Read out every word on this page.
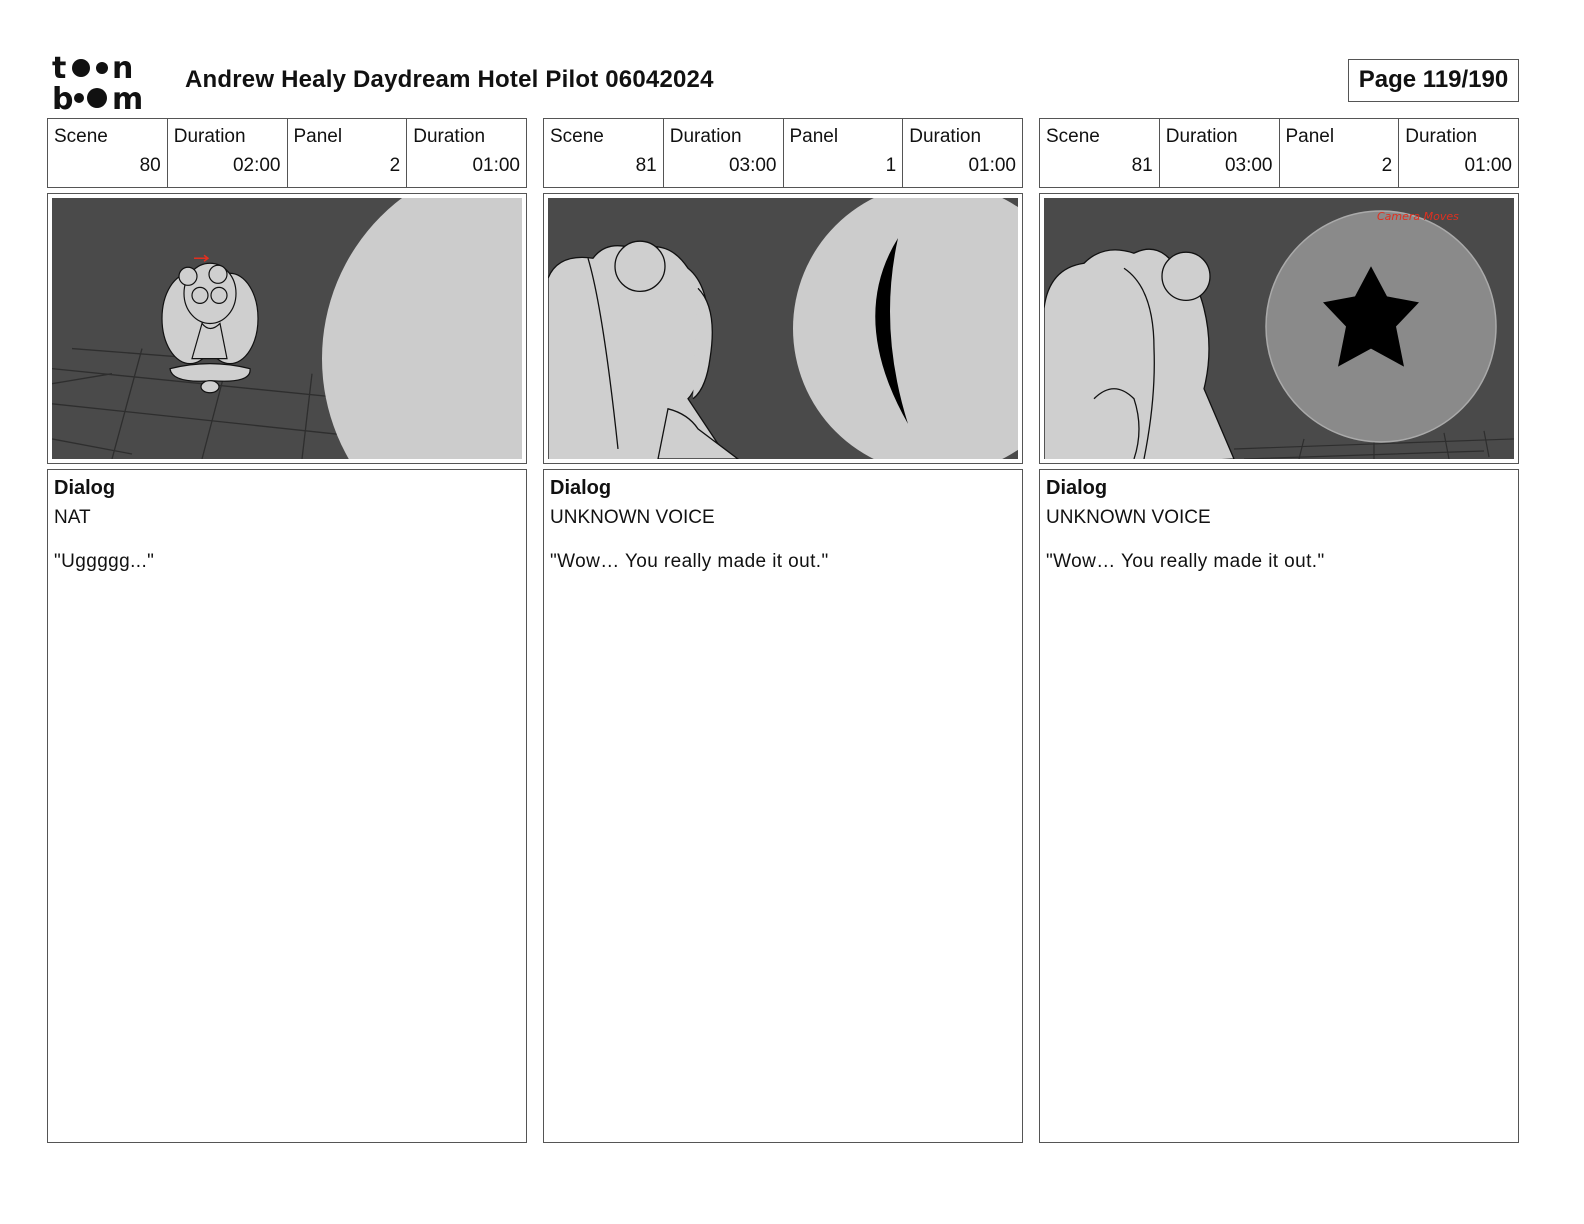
t n
b m
Andrew Healy Daydream Hotel Pilot 06042024	Page 119/190
Scene
80
Duration
02:00
Panel
2
Duration
01:00
Dialog
NAT
"Uggggg..."
Scene
81
Duration
03:00
Panel
1
Duration
01:00
Dialog
UNKNOWN VOICE
"Wow… You really made it out."
Scene
81
Duration
03:00
Panel
2
Duration
01:00
Camera Moves
Dialog
UNKNOWN VOICE
"Wow… You really made it out."
